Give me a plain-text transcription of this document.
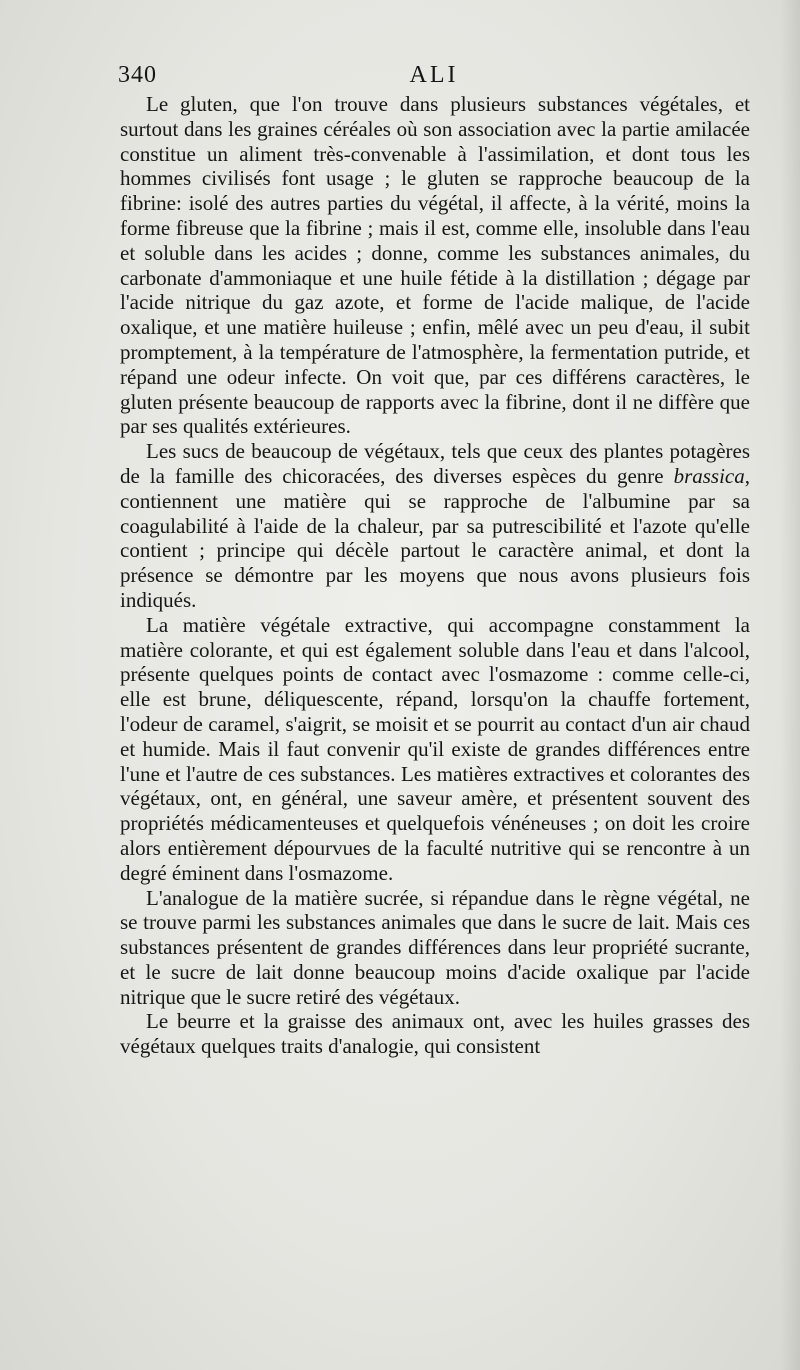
340	ALI

Le gluten, que l'on trouve dans plusieurs substances végétales, et surtout dans les graines céréales où son association avec la partie amilacée constitue un aliment très-convenable à l'assimilation, et dont tous les hommes civilisés font usage ; le gluten se rapproche beaucoup de la fibrine: isolé des autres parties du végétal, il affecte, à la vérité, moins la forme fibreuse que la fibrine ; mais il est, comme elle, insoluble dans l'eau et soluble dans les acides ; donne, comme les substances animales, du carbonate d'ammoniaque et une huile fétide à la distillation ; dégage par l'acide nitrique du gaz azote, et forme de l'acide malique, de l'acide oxalique, et une matière huileuse ; enfin, mêlé avec un peu d'eau, il subit promptement, à la température de l'atmosphère, la fermentation putride, et répand une odeur infecte. On voit que, par ces différens caractères, le gluten présente beaucoup de rapports avec la fibrine, dont il ne diffère que par ses qualités extérieures.

Les sucs de beaucoup de végétaux, tels que ceux des plantes potagères de la famille des chicoracées, des diverses espèces du genre brassica, contiennent une matière qui se rapproche de l'albumine par sa coagulabilité à l'aide de la chaleur, par sa putrescibilité et l'azote qu'elle contient ; principe qui décèle partout le caractère animal, et dont la présence se démontre par les moyens que nous avons plusieurs fois indiqués.

La matière végétale extractive, qui accompagne constamment la matière colorante, et qui est également soluble dans l'eau et dans l'alcool, présente quelques points de contact avec l'osmazome : comme celle-ci, elle est brune, déliquescente, répand, lorsqu'on la chauffe fortement, l'odeur de caramel, s'aigrit, se moisit et se pourrit au contact d'un air chaud et humide. Mais il faut convenir qu'il existe de grandes différences entre l'une et l'autre de ces substances. Les matières extractives et colorantes des végétaux, ont, en général, une saveur amère, et présentent souvent des propriétés médicamenteuses et quelquefois vénéneuses ; on doit les croire alors entièrement dépourvues de la faculté nutritive qui se rencontre à un degré éminent dans l'osmazome.

L'analogue de la matière sucrée, si répandue dans le règne végétal, ne se trouve parmi les substances animales que dans le sucre de lait. Mais ces substances présentent de grandes différences dans leur propriété sucrante, et le sucre de lait donne beaucoup moins d'acide oxalique par l'acide nitrique que le sucre retiré des végétaux.

Le beurre et la graisse des animaux ont, avec les huiles grasses des végétaux quelques traits d'analogie, qui consistent
